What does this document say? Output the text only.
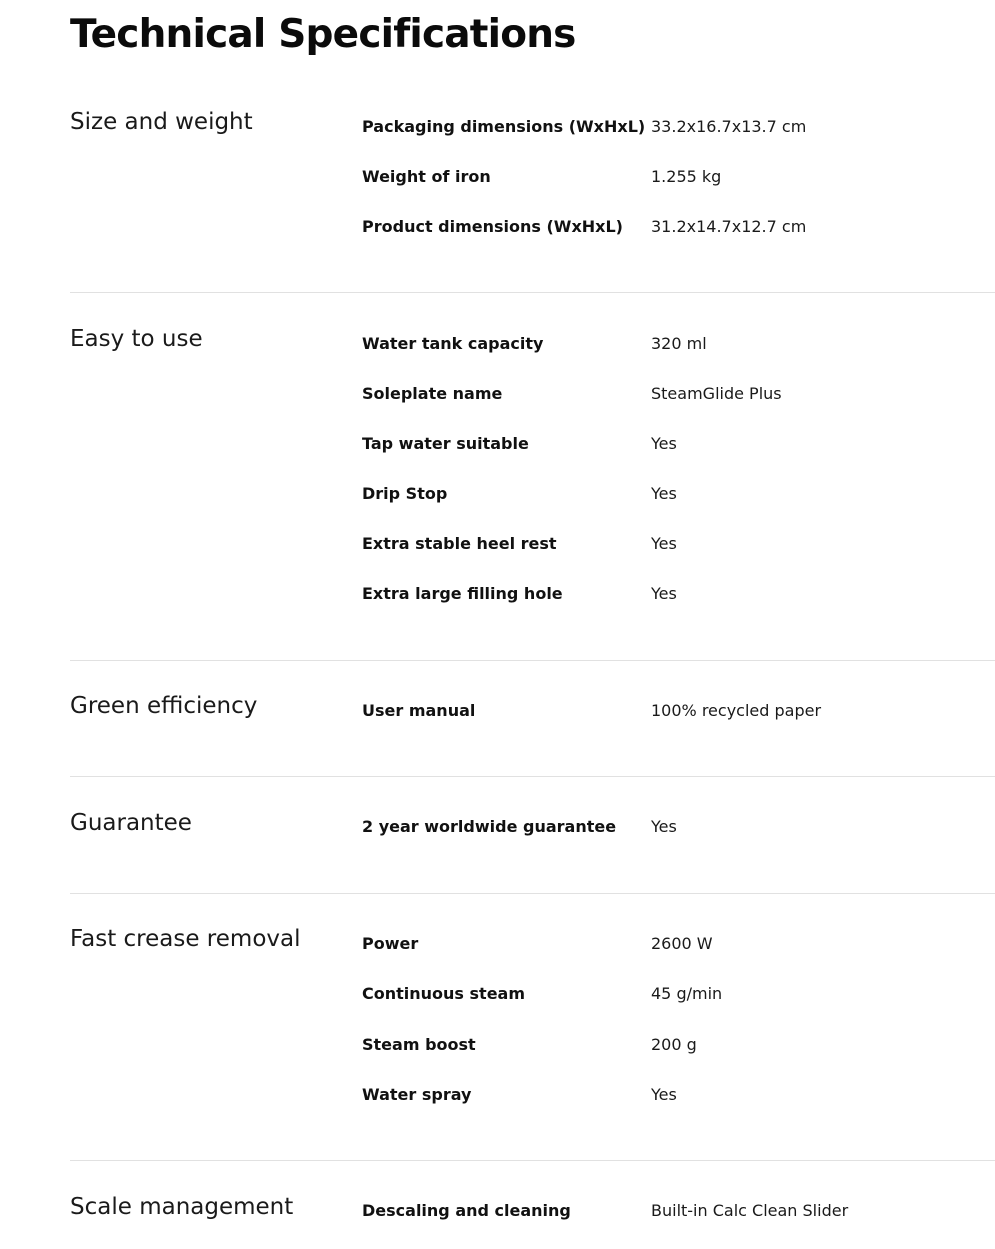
Technical Specifications
Size and weight	Packaging dimensions (WxHxL) 33.2x16.7x13.7 cm
Weight of iron	1.255 kg
Product dimensions (WxHxL) 31.2x14.7x12.7 cm
Easy to use	Water tank capacity	320 ml
Soleplate name	SteamGlide Plus
Tap water suitable	Yes
Drip Stop	Yes
Extra stable heel rest	Yes
Extra large filling hole	Yes
Green efficiency	User manual	100% recycled paper
Guarantee	2 year worldwide guarantee Yes
Fast crease removal	Power	2600 W
Continuous steam	45 g/min
Steam boost	200 g
Water spray	Yes
Scale management	Descaling and cleaning	Built-in Calc Clean Slider
